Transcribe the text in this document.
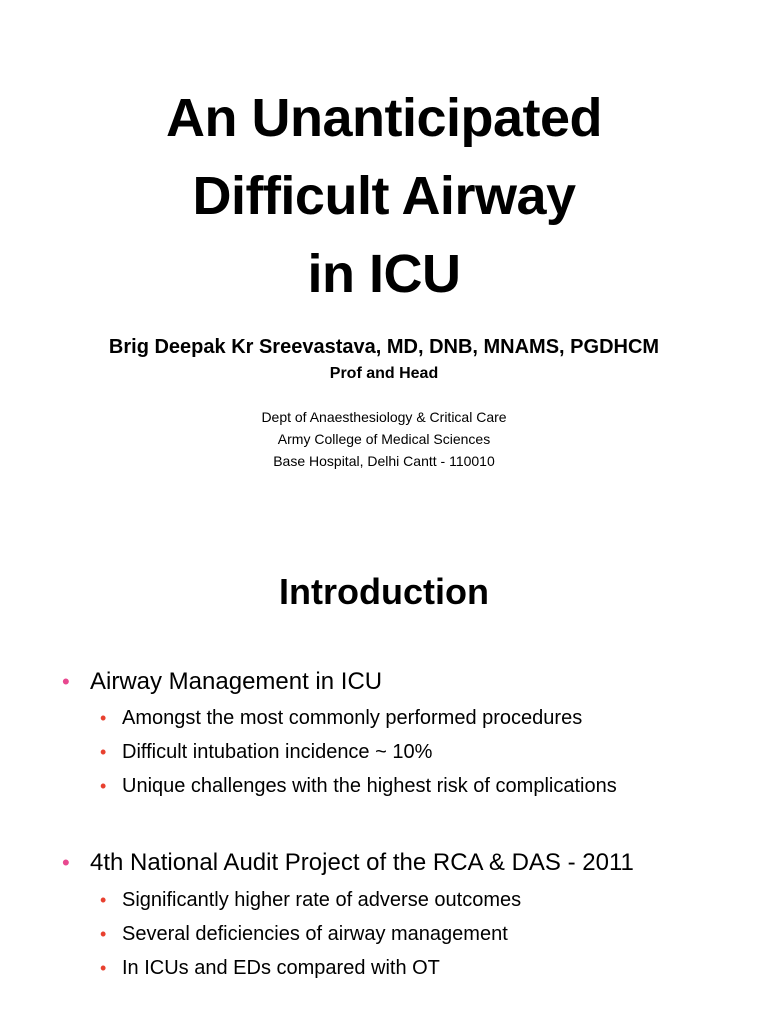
An Unanticipated
Difficult Airway
in ICU
Brig Deepak Kr Sreevastava, MD, DNB, MNAMS, PGDHCM
Prof and Head
Dept of Anaesthesiology & Critical Care
Army College of Medical Sciences
Base Hospital, Delhi Cantt - 110010
Introduction
• Airway Management in ICU
• Amongst the most commonly performed procedures
• Difficult intubation incidence ~ 10%
• Unique challenges with the highest risk of complications
• 4th National Audit Project of the RCA & DAS - 2011
• Significantly higher rate of adverse outcomes
• Several deficiencies of airway management
• In ICUs and EDs compared with OT
